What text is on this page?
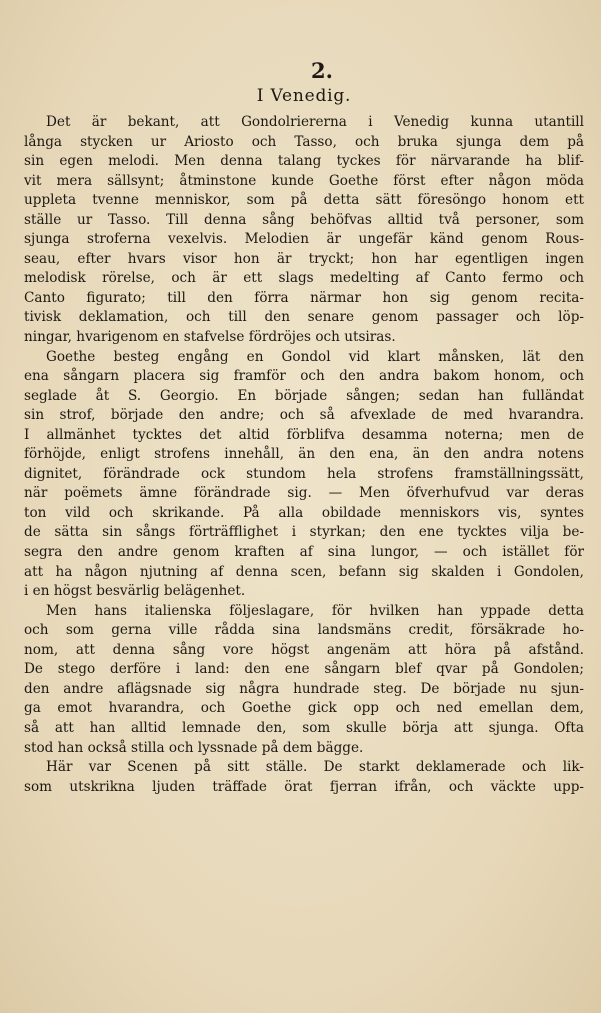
2.
I Venedig.
Det är bekant, att Gondolriererna i Venedig kunna utantill
långa stycken ur Ariosto och Tasso, och bruka sjunga dem på
sin egen melodi. Men denna talang tyckes för närvarande ha blif-
vit mera sällsynt; åtminstone kunde Goethe först efter någon möda
uppleta tvenne menniskor, som på detta sätt föresöngo honom ett
ställe ur Tasso. Till denna sång behöfvas alltid två personer, som
sjunga stroferna vexelvis. Melodien är ungefär känd genom Rous-
seau, efter hvars visor hon är tryckt; hon har egentligen ingen
melodisk rörelse, och är ett slags medelting af Canto fermo och
Canto figurato; till den förra närmar hon sig genom recita-
tivisk deklamation, och till den senare genom passager och löp-
ningar, hvarigenom en stafvelse fördröjes och utsiras.
Goethe besteg engång en Gondol vid klart månsken, lät den
ena sångarn placera sig framför och den andra bakom honom, och
seglade åt S. Georgio. En började sången; sedan han fulländat
sin strof, började den andre; och så afvexlade de med hvarandra.
I allmänhet tycktes det altid förblifva desamma noterna; men de
förhöjde, enligt strofens innehåll, än den ena, än den andra notens
dignitet, förändrade ock stundom hela strofens framställningssätt,
när poëmets ämne förändrade sig. — Men öfverhufvud var deras
ton vild och skrikande. På alla obildade menniskors vis, syntes
de sätta sin sångs förträfflighet i styrkan; den ene tycktes vilja be-
segra den andre genom kraften af sina lungor, — och istället för
att ha någon njutning af denna scen, befann sig skalden i Gondolen,
i en högst besvärlig belägenhet.
Men hans italienska följeslagare, för hvilken han yppade detta
och som gerna ville rådda sina landsmäns credit, försäkrade ho-
nom, att denna sång vore högst angenäm att höra på afstånd.
De stego derföre i land: den ene sångarn blef qvar på Gondolen;
den andre aflägsnade sig några hundrade steg. De började nu sjun-
ga emot hvarandra, och Goethe gick opp och ned emellan dem,
så att han alltid lemnade den, som skulle börja att sjunga. Ofta
stod han också stilla och lyssnade på dem bägge.
Här var Scenen på sitt ställe. De starkt deklamerade och lik-
som utskrikna ljuden träffade örat fjerran ifrån, och väckte upp-
